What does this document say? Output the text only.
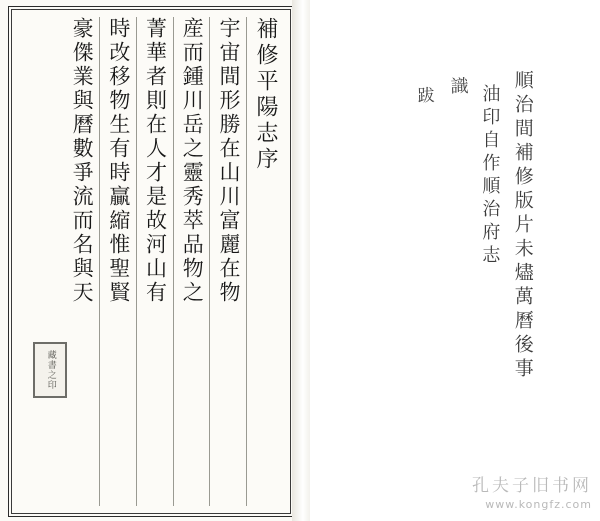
補修平陽志序
宇宙間形勝在山川富麗在物
産而鍾川岳之靈秀萃品物之
菁華者則在人才是故河山有
時改移物生有時贏縮惟聖賢
豪傑業與曆數爭流而名與天
藏書之印	順治間補修版片未燼萬曆後事
油印自作順治府志
識
跋
孔夫子旧书网
www.kongfz.com
